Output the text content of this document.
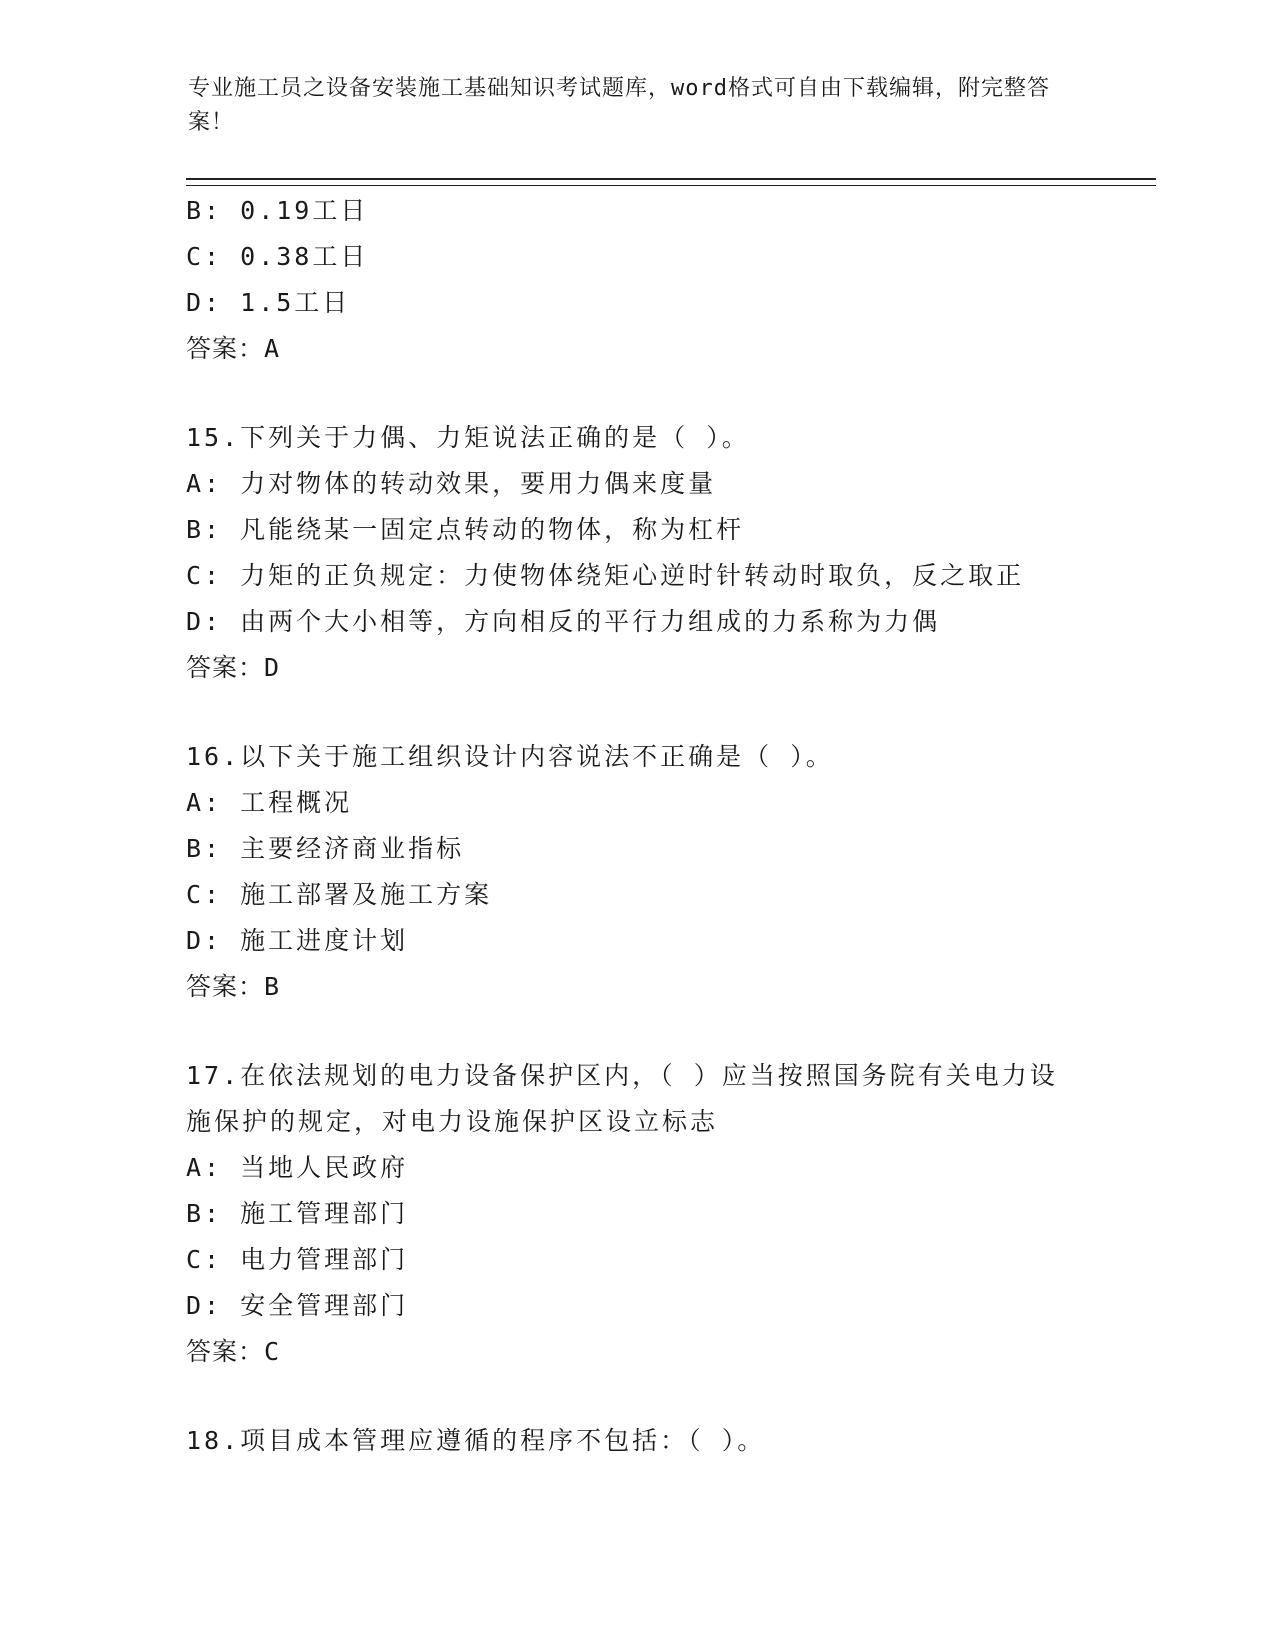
专业施工员之设备安装施工基础知识考试题库，word格式可自由下载编辑，附完整答案！
B: 0.19工日
C: 0.38工日
D: 1.5工日
答案：A
15.下列关于力偶、力矩说法正确的是（ ）。
A: 力对物体的转动效果，要用力偶来度量
B: 凡能绕某一固定点转动的物体，称为杠杆
C: 力矩的正负规定：力使物体绕矩心逆时针转动时取负，反之取正
D: 由两个大小相等，方向相反的平行力组成的力系称为力偶
答案：D
16.以下关于施工组织设计内容说法不正确是（ ）。
A: 工程概况
B: 主要经济商业指标
C: 施工部署及施工方案
D: 施工进度计划
答案：B
17.在依法规划的电力设备保护区内，（ ）应当按照国务院有关电力设施保护的规定，对电力设施保护区设立标志
A: 当地人民政府
B: 施工管理部门
C: 电力管理部门
D: 安全管理部门
答案：C
18.项目成本管理应遵循的程序不包括：（ ）。
